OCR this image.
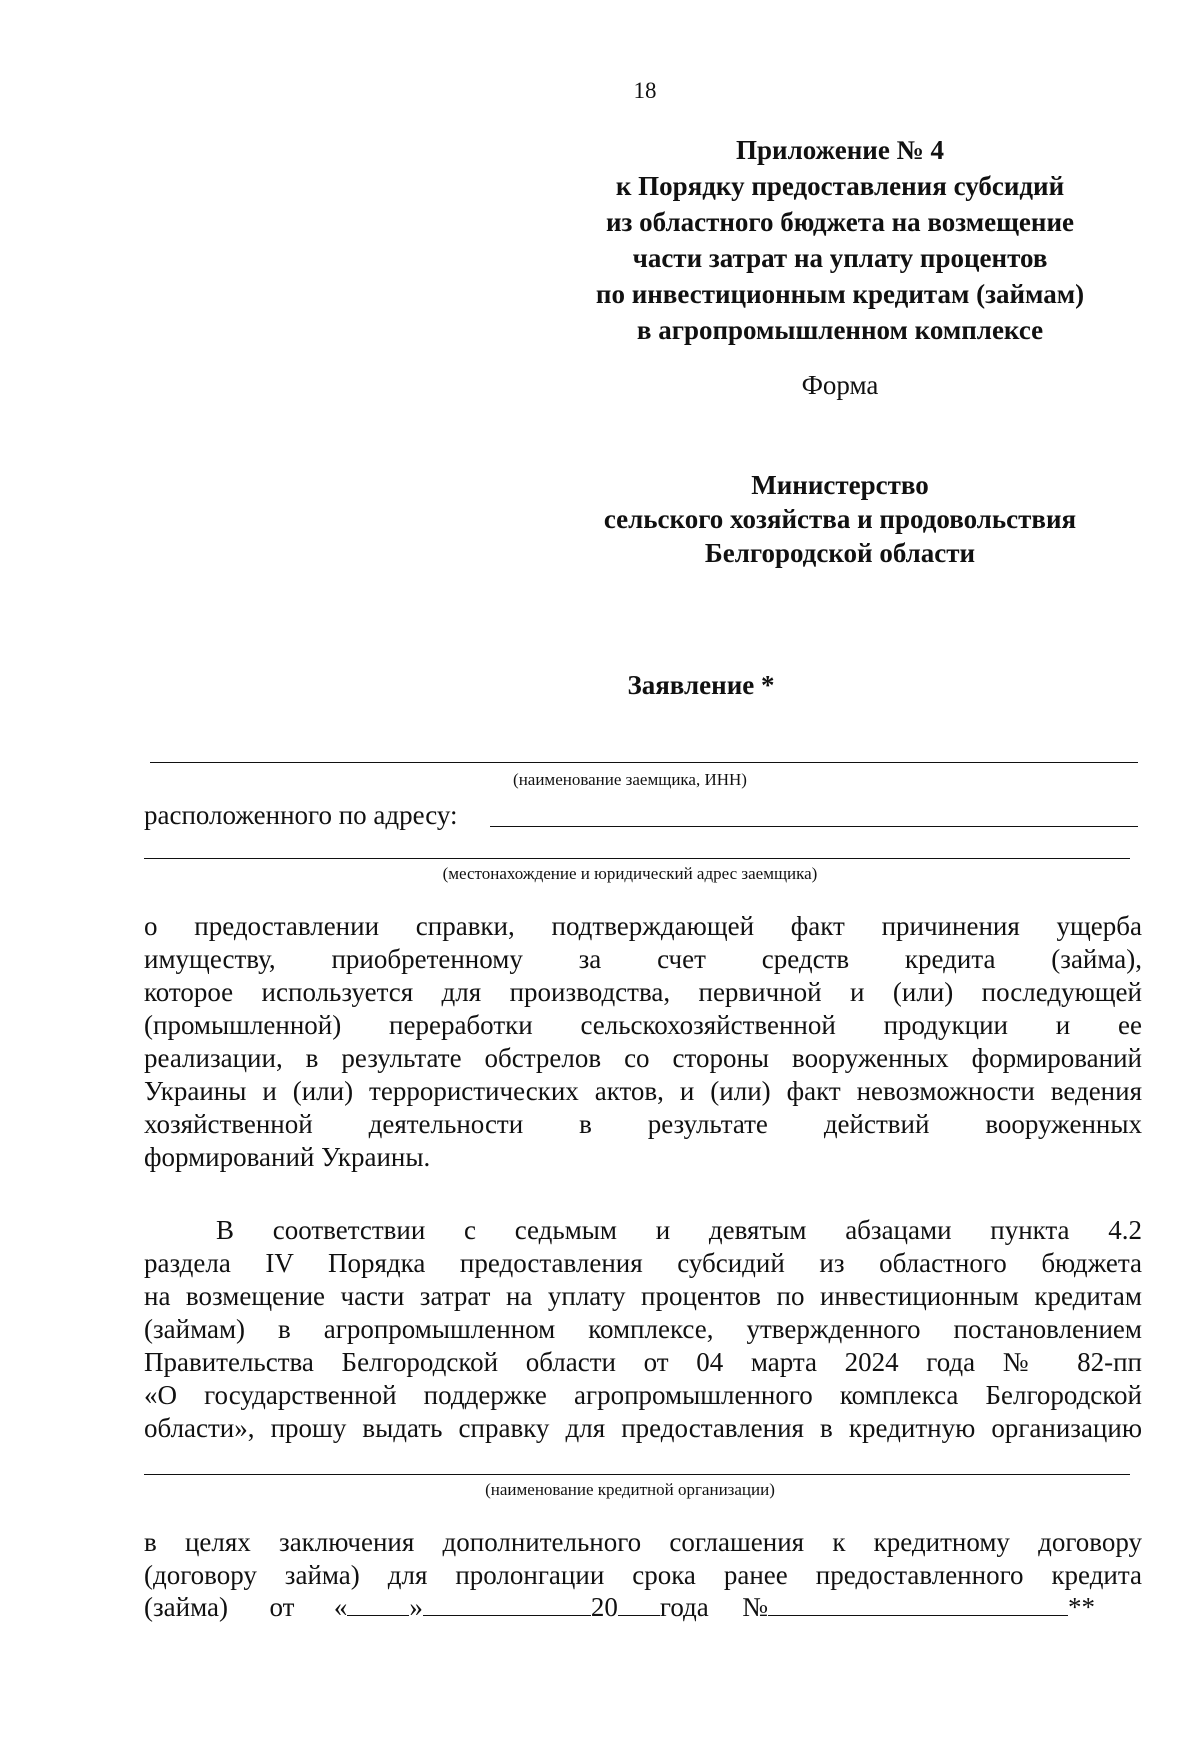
18
Приложение № 4
к Порядку предоставления субсидий
из областного бюджета на возмещение
части затрат на уплату процентов
по инвестиционным кредитам (займам)
в агропромышленном комплексе
Форма
Министерство
сельского хозяйства и продовольствия
Белгородской области
Заявление *
(наименование заемщика, ИНН)
расположенного по адресу:
(местонахождение и юридический адрес заемщика)
о предоставлении справки, подтверждающей факт причинения ущерба
имуществу, приобретенному за счет средств кредита (займа),
которое используется для производства, первичной и (или) последующей
(промышленной) переработки сельскохозяйственной продукции и ее
реализации, в результате обстрелов со стороны вооруженных формирований
Украины и (или) террористических актов, и (или) факт невозможности ведения
хозяйственной деятельности в результате действий вооруженных
формирований Украины.
В соответствии с седьмым и девятым абзацами пункта 4.2
раздела IV Порядка предоставления субсидий из областного бюджета
на возмещение части затрат на уплату процентов по инвестиционным кредитам
(займам) в агропромышленном комплексе, утвержденного постановлением
Правительства Белгородской области от 04 марта 2024 года № 82-пп
«О государственной поддержке агропромышленного комплекса Белгородской
области», прошу выдать справку для предоставления в кредитную организацию
(наименование кредитной организации)
в целях заключения дополнительного соглашения к кредитному договору
(договору займа) для пролонгации срока ранее предоставленного кредита
(займа) от « »	20 года №	**
